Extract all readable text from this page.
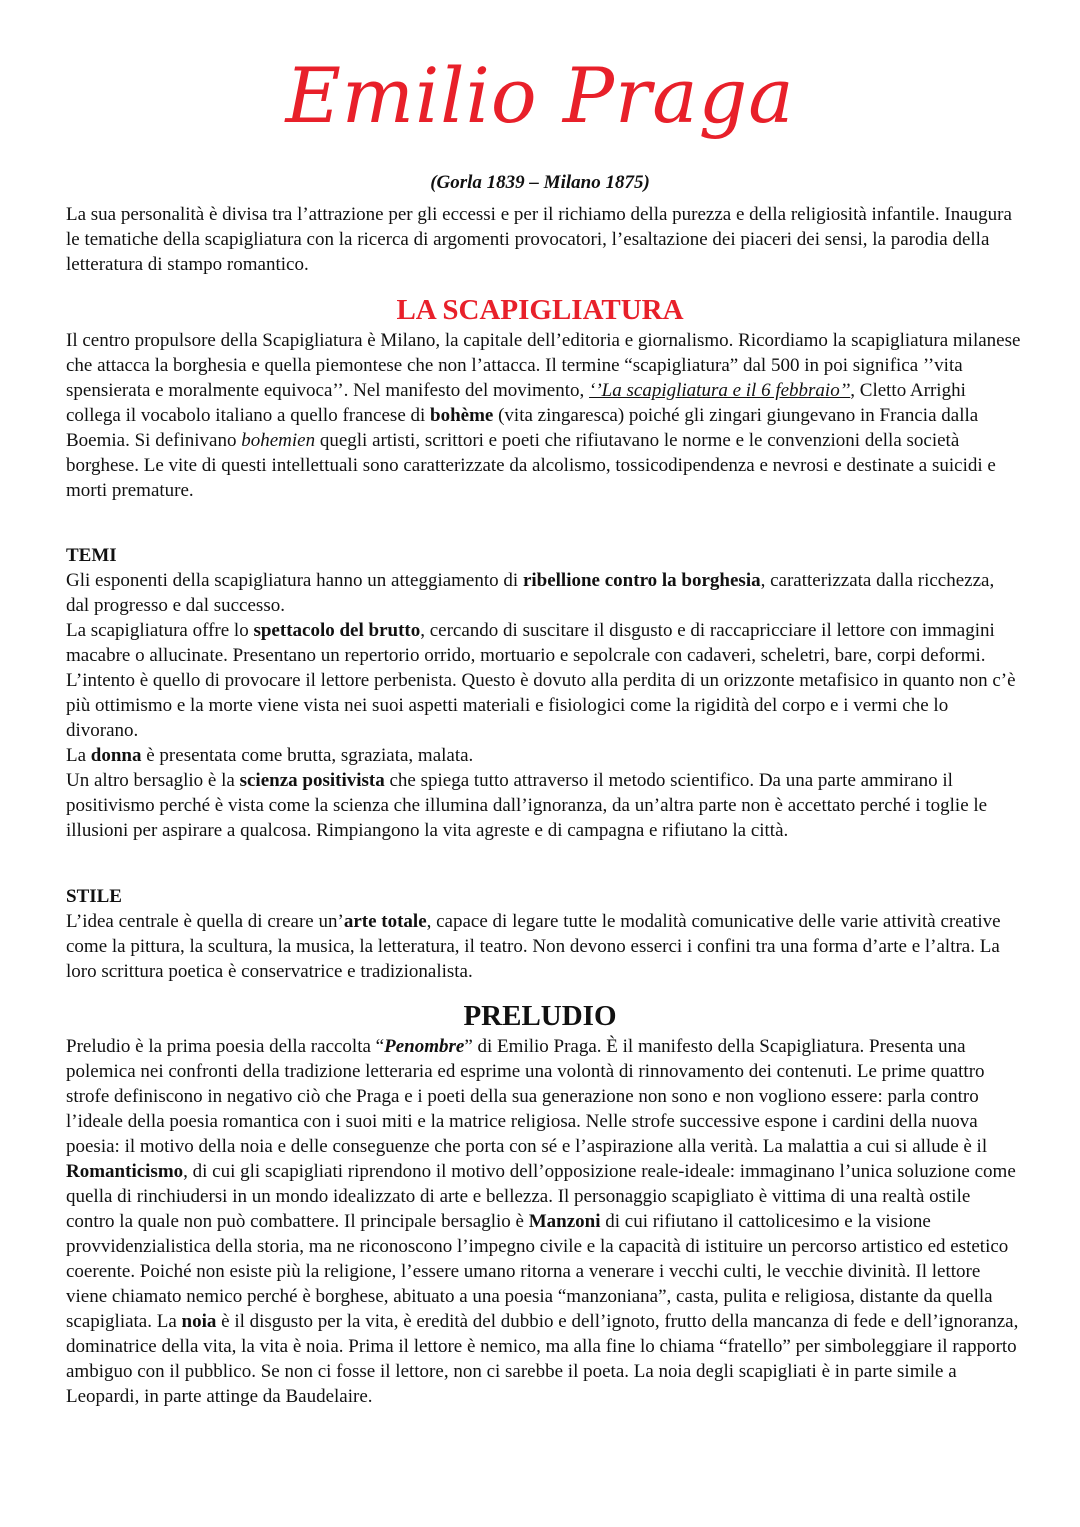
Emilio Praga

(Gorla 1839 – Milano 1875)

La sua personalità è divisa tra l’attrazione per gli eccessi e per il richiamo della purezza e della religiosità infantile. Inaugura le tematiche della scapigliatura con la ricerca di argomenti provocatori, l’esaltazione dei piaceri dei sensi, la parodia della letteratura di stampo romantico.

LA SCAPIGLIATURA

Il centro propulsore della Scapigliatura è Milano, la capitale dell’editoria e giornalismo. Ricordiamo la scapigliatura milanese che attacca la borghesia e quella piemontese che non l’attacca. Il termine “scapigliatura” dal 500 in poi significa ’’vita spensierata e moralmente equivoca’’. Nel manifesto del movimento, ‘’La scapigliatura e il 6 febbraio’’, Cletto Arrighi collega il vocabolo italiano a quello francese di bohème (vita zingaresca) poiché gli zingari giungevano in Francia dalla Boemia. Si definivano bohemien quegli artisti, scrittori e poeti che rifiutavano le norme e le convenzioni della società borghese. Le vite di questi intellettuali sono caratterizzate da alcolismo, tossicodipendenza e nevrosi e destinate a suicidi e morti premature.

TEMI

Gli esponenti della scapigliatura hanno un atteggiamento di ribellione contro la borghesia, caratterizzata dalla ricchezza, dal progresso e dal successo.

La scapigliatura offre lo spettacolo del brutto, cercando di suscitare il disgusto e di raccapricciare il lettore con immagini macabre o allucinate. Presentano un repertorio orrido, mortuario e sepolcrale con cadaveri, scheletri, bare, corpi deformi. L’intento è quello di provocare il lettore perbenista. Questo è dovuto alla perdita di un orizzonte metafisico in quanto non c’è più ottimismo e la morte viene vista nei suoi aspetti materiali e fisiologici come la rigidità del corpo e i vermi che lo divorano.

La donna è presentata come brutta, sgraziata, malata.

Un altro bersaglio è la scienza positivista che spiega tutto attraverso il metodo scientifico. Da una parte ammirano il positivismo perché è vista come la scienza che illumina dall’ignoranza, da un’altra parte non è accettato perché i toglie le illusioni per aspirare a qualcosa. Rimpiangono la vita agreste e di campagna e rifiutano la città.

STILE

L’idea centrale è quella di creare un’arte totale, capace di legare tutte le modalità comunicative delle varie attività creative come la pittura, la scultura, la musica, la letteratura, il teatro. Non devono esserci i confini tra una forma d’arte e l’altra. La loro scrittura poetica è conservatrice e tradizionalista.

PRELUDIO

Preludio è la prima poesia della raccolta “Penombre” di Emilio Praga. È il manifesto della Scapigliatura. Presenta una polemica nei confronti della tradizione letteraria ed esprime una volontà di rinnovamento dei contenuti. Le prime quattro strofe definiscono in negativo ciò che Praga e i poeti della sua generazione non sono e non vogliono essere: parla contro l’ideale della poesia romantica con i suoi miti e la matrice religiosa. Nelle strofe successive espone i cardini della nuova poesia: il motivo della noia e delle conseguenze che porta con sé e l’aspirazione alla verità. La malattia a cui si allude è il Romanticismo, di cui gli scapigliati riprendono il motivo dell’opposizione reale-ideale: immaginano l’unica soluzione come quella di rinchiudersi in un mondo idealizzato di arte e bellezza. Il personaggio scapigliato è vittima di una realtà ostile contro la quale non può combattere. Il principale bersaglio è Manzoni di cui rifiutano il cattolicesimo e la visione provvidenzialistica della storia, ma ne riconoscono l’impegno civile e la capacità di istituire un percorso artistico ed estetico coerente. Poiché non esiste più la religione, l’essere umano ritorna a venerare i vecchi culti, le vecchie divinità. Il lettore viene chiamato nemico perché è borghese, abituato a una poesia “manzoniana”, casta, pulita e religiosa, distante da quella scapigliata. La noia è il disgusto per la vita, è eredità del dubbio e dell’ignoto, frutto della mancanza di fede e dell’ignoranza, dominatrice della vita, la vita è noia. Prima il lettore è nemico, ma alla fine lo chiama “fratello” per simboleggiare il rapporto ambiguo con il pubblico. Se non ci fosse il lettore, non ci sarebbe il poeta. La noia degli scapigliati è in parte simile a Leopardi, in parte attinge da Baudelaire.
